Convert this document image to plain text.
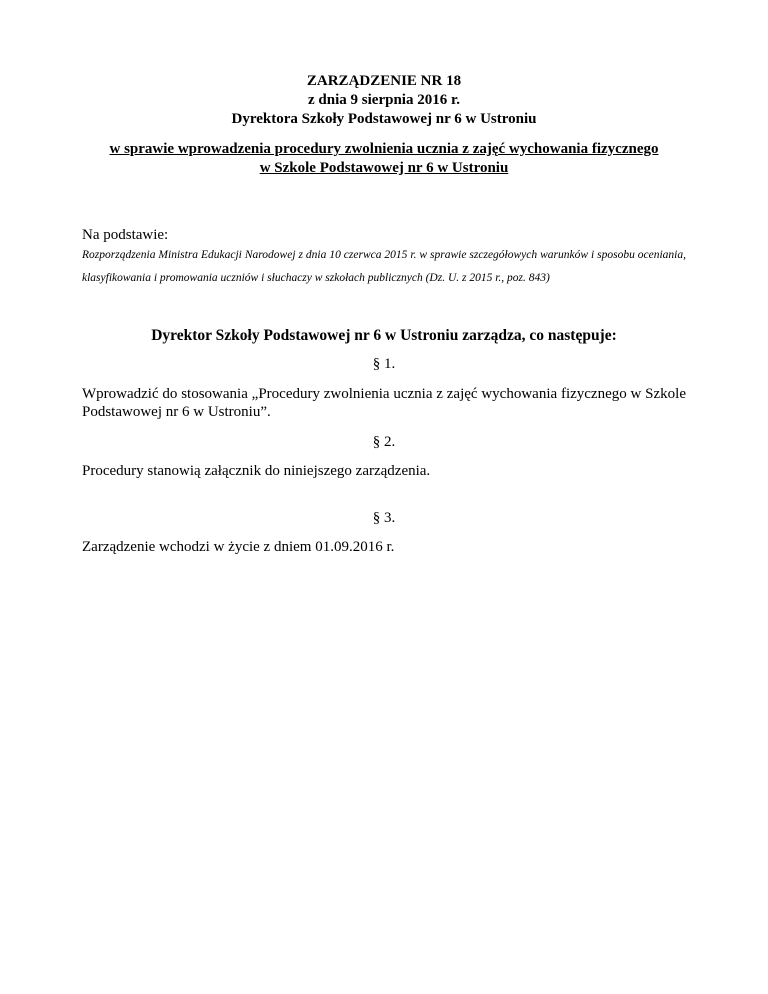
ZARZĄDZENIE NR 18
z dnia 9 sierpnia 2016 r.
Dyrektora Szkoły Podstawowej nr 6 w Ustroniu
w sprawie wprowadzenia procedury zwolnienia ucznia z zajęć wychowania fizycznego
w Szkole Podstawowej nr 6 w Ustroniu
Na podstawie:
Rozporządzenia Ministra Edukacji Narodowej z dnia 10 czerwca 2015 r. w sprawie szczegółowych warunków i sposobu oceniania, klasyfikowania i promowania uczniów i słuchaczy w szkołach publicznych (Dz. U. z 2015 r., poz. 843)
Dyrektor Szkoły Podstawowej nr 6 w Ustroniu zarządza, co następuje:
§ 1.
Wprowadzić do stosowania „Procedury zwolnienia ucznia z zajęć wychowania fizycznego w Szkole Podstawowej nr 6 w Ustroniu”.
§ 2.
Procedury stanowią załącznik do niniejszego zarządzenia.
§ 3.
Zarządzenie wchodzi w życie z dniem 01.09.2016 r.
